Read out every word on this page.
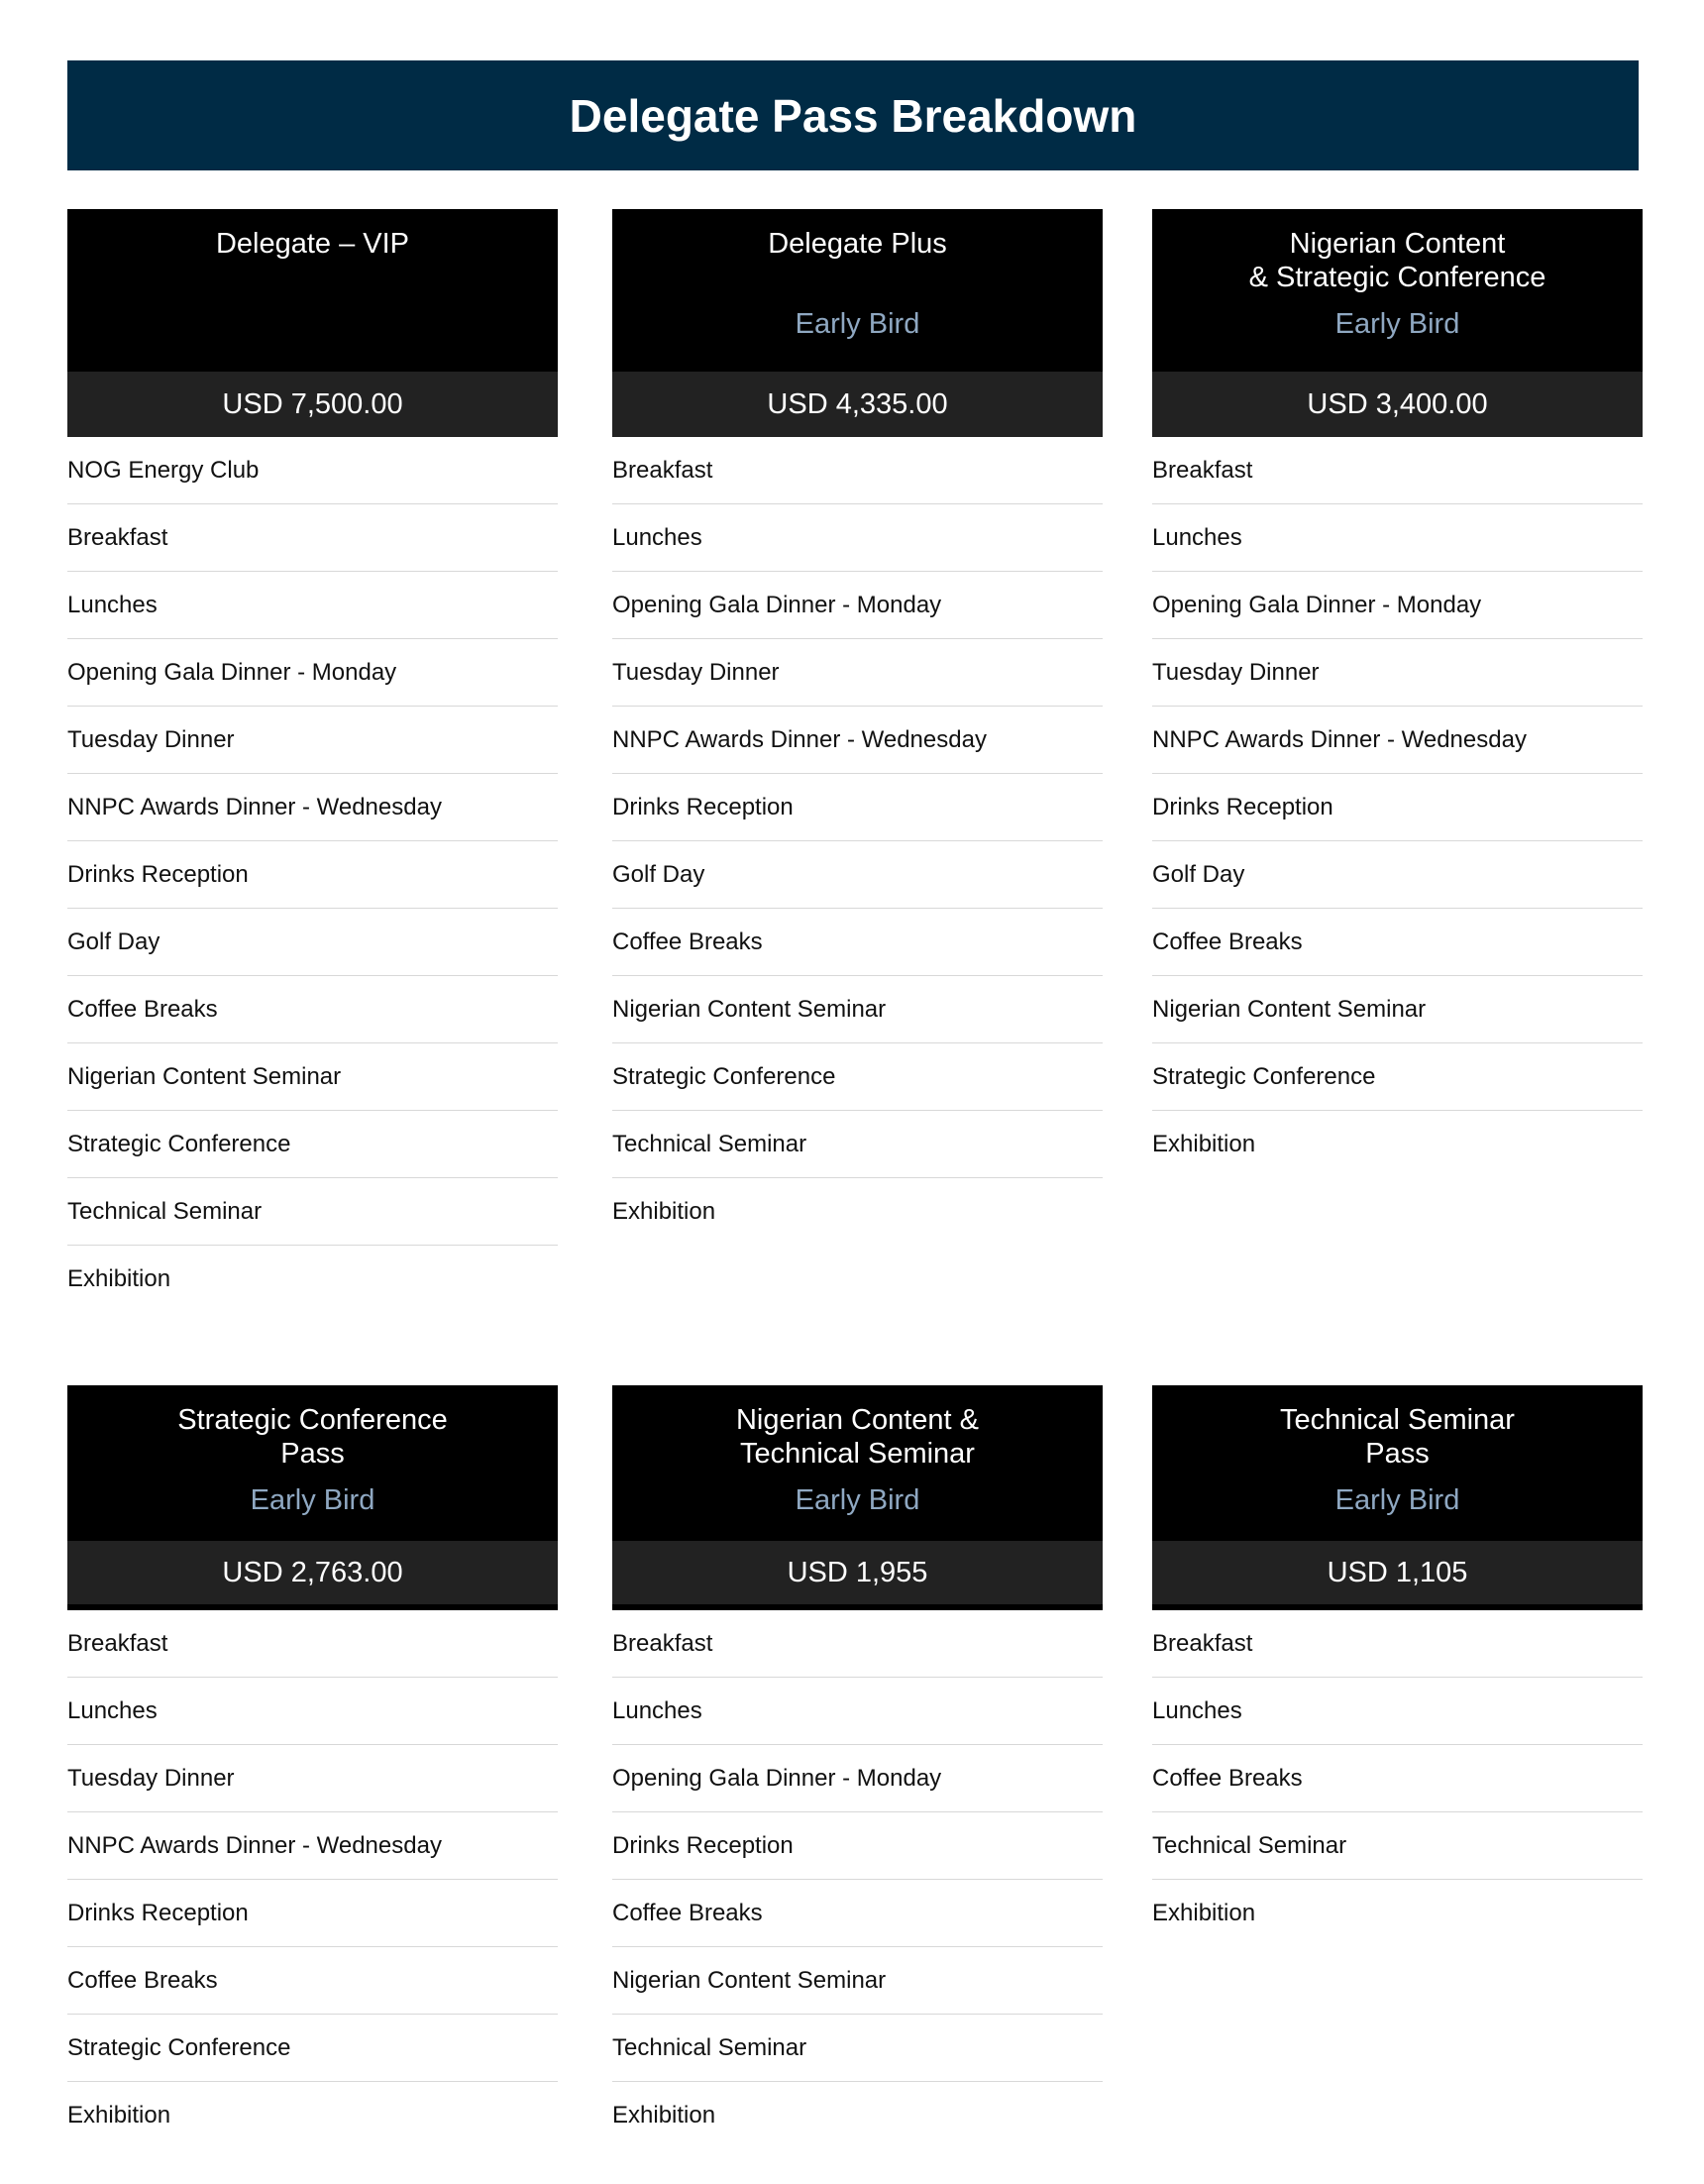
Delegate Pass Breakdown
Delegate – VIP
USD 7,500.00
NOG Energy Club
Breakfast
Lunches
Opening Gala Dinner - Monday
Tuesday Dinner
NNPC Awards Dinner - Wednesday
Drinks Reception
Golf Day
Coffee Breaks
Nigerian Content Seminar
Strategic Conference
Technical Seminar
Exhibition
Delegate Plus
Early Bird
USD 4,335.00
Breakfast
Lunches
Opening Gala Dinner - Monday
Tuesday Dinner
NNPC Awards Dinner - Wednesday
Drinks Reception
Golf Day
Coffee Breaks
Nigerian Content Seminar
Strategic Conference
Technical Seminar
Exhibition
Nigerian Content
& Strategic Conference
Early Bird
USD 3,400.00
Breakfast
Lunches
Opening Gala Dinner - Monday
Tuesday Dinner
NNPC Awards Dinner - Wednesday
Drinks Reception
Golf Day
Coffee Breaks
Nigerian Content Seminar
Strategic Conference
Exhibition
Strategic Conference
Pass
Early Bird
USD 2,763.00
Breakfast
Lunches
Tuesday Dinner
NNPC Awards Dinner - Wednesday
Drinks Reception
Coffee Breaks
Strategic Conference
Exhibition
Nigerian Content &
Technical Seminar
Early Bird
USD 1,955
Breakfast
Lunches
Opening Gala Dinner - Monday
Drinks Reception
Coffee Breaks
Nigerian Content Seminar
Technical Seminar
Exhibition
Technical Seminar
Pass
Early Bird
USD 1,105
Breakfast
Lunches
Coffee Breaks
Technical Seminar
Exhibition
